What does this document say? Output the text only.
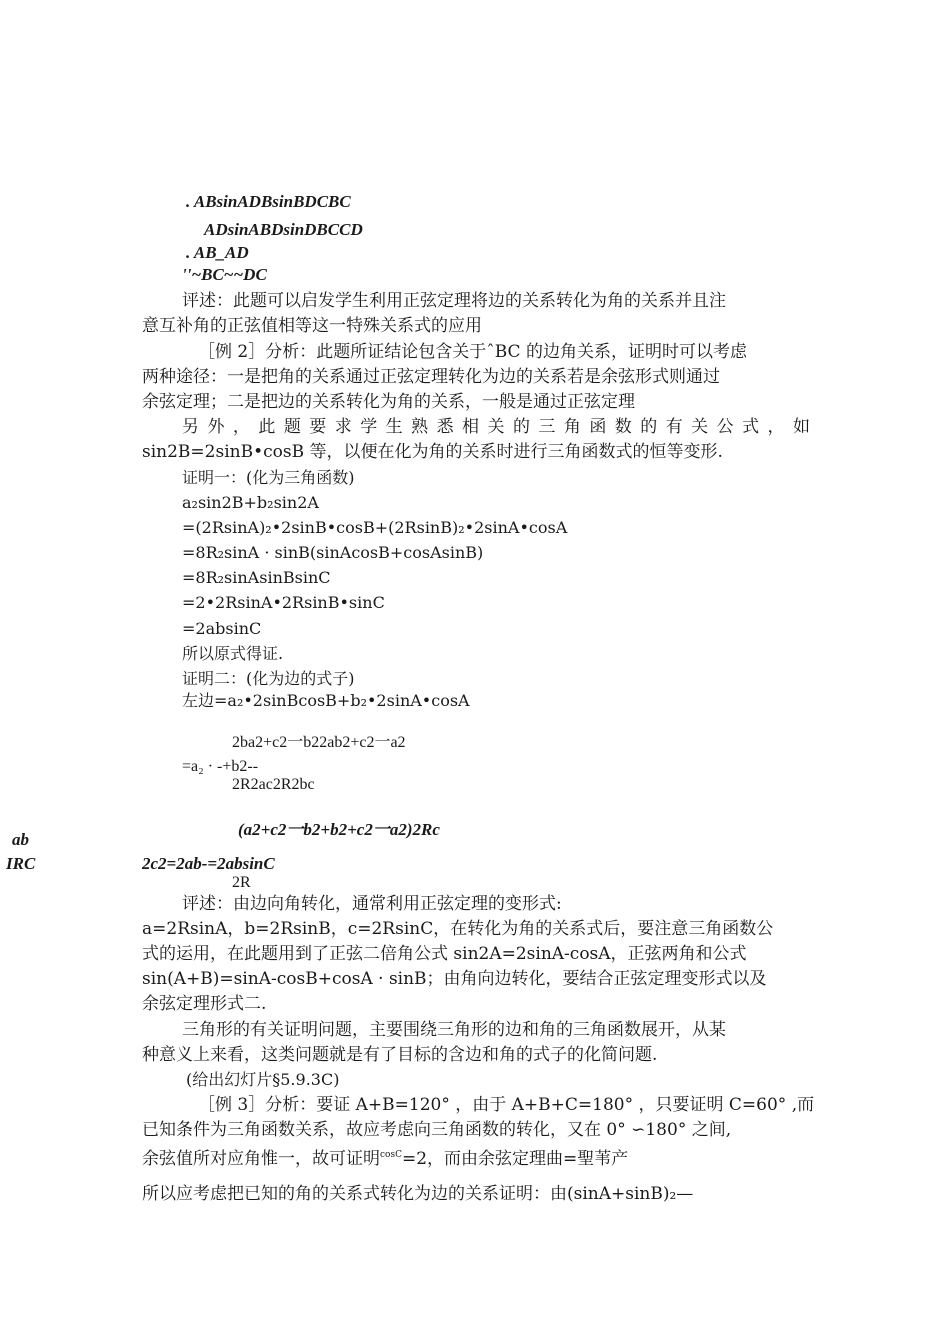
. ABsinADBsinBDCBC
ADsinABDsinDBCCD
. AB_AD
''~BC~~DC
评述：此题可以启发学生利用正弦定理将边的关系转化为角的关系并且注
意互补角的正弦值相等这一特殊关系式的应用
［例 2］分析：此题所证结论包含关于ˆBC 的边角关系，证明时可以考虑
两种途径：一是把角的关系通过正弦定理转化为边的关系若是余弦形式则通过
余弦定理；二是把边的关系转化为角的关系，一般是通过正弦定理
另 外 ， 此 题 要 求 学 生 熟 悉 相 关 的 三 角 函 数 的 有 关 公 式 ， 如
sin2B=2sinB•cosB 等，以便在化为角的关系时进行三角函数式的恒等变形.
证明一：(化为三角函数)
a₂sin2B+b₂sin2A
=(2RsinA)₂•2sinB•cosB+(2RsinB)₂•2sinA•cosA
=8R₂sinA · sinB(sinAcosB+cosAsinB)
=8R₂sinAsinBsinC
=2•2RsinA•2RsinB•sinC
=2absinC
所以原式得证.
证明二：(化为边的式子)
左边=a₂•2sinBcosB+b₂•2sinA•cosA
2ba2+c2一b22ab2+c2一a2
=a₂ · -+b2--
2R2ac2R2bc
(a2+c2一b2+b2+c2一a2)2Rc
ab
IRC	2c2=2ab-=2absinC
2R
评述：由边向角转化，通常利用正弦定理的变形式:
a=2RsinA，b=2RsinB，c=2RsinC，在转化为角的关系式后，要注意三角函数公
式的运用，在此题用到了正弦二倍角公式 sin2A=2sinA-cosA，正弦两角和公式
sin(A+B)=sinA-cosB+cosA · sinB；由角向边转化，要结合正弦定理变形式以及
余弦定理形式二.
三角形的有关证明问题，主要围绕三角形的边和角的三角函数展开，从某
种意义上来看，这类问题就是有了目标的含边和角的式子的化简问题.
(给出幻灯片§5.9.3C)
［例 3］分析：要证 A+B=120° ，由于 A+B+C=180° ，只要证明 C=60° ,而
已知条件为三角函数关系，故应考虑向三角函数的转化，又在 0° ∽180° 之间,
余弦值所对应角惟一，故可证明$^{cosC}$=2，而由余弦定理曲=聖苇产
所以应考虑把已知的角的关系式转化为边的关系证明：由(sinA+sinB)₂—
